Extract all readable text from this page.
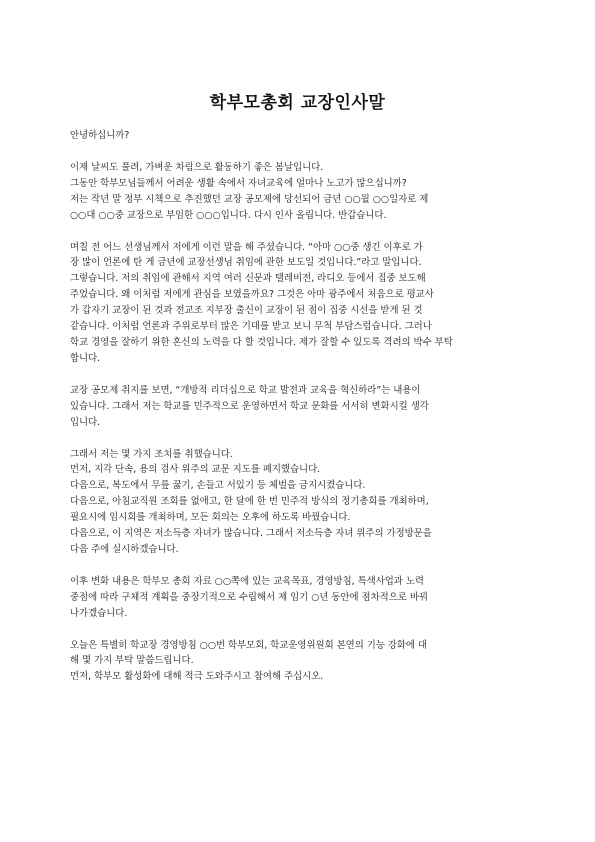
학부모총회 교장인사말
안녕하십니까?
이제 날씨도 풀려, 가벼운 차림으로 활동하기 좋은 봄날입니다.
그동안 학부모님들께서 어려운 생활 속에서 자녀교육에 얼마나 노고가 많으십니까?
저는 작년 말 정부 시책으로 추진했던 교장 공모제에 당선되어 금년 ○○월 ○○일자로 제
○○대 ○○중 교장으로 부임한 ○○○입니다. 다시 인사 올립니다. 반갑습니다.
며칠 전 어느 선생님께서 저에게 이런 말을 해 주셨습니다. “아마 ○○중 생긴 이후로 가
장 많이 언론에 탄 게 금년에 교장선생님 취임에 관한 보도일 것입니다.”라고 말입니다.
그렇습니다. 저의 취임에 관해서 지역 여러 신문과 텔레비전, 라디오 등에서 집중 보도해
주었습니다. 왜 이처럼 저에게 관심을 보였을까요? 그것은 아마 광주에서 처음으로 평교사
가 갑자기 교장이 된 것과 전교조 지부장 출신이 교장이 된 점이 집중 시선을 받게 된 것
같습니다. 이처럼 언론과 주위로부터 많은 기대를 받고 보니 무척 부담스럽습니다. 그러나
학교 경영을 잘하기 위한 혼신의 노력을 다 할 것입니다. 제가 잘할 수 있도록 격려의 박수 부탁
합니다.
교장 공모제 취지를 보면, “개방적 리더십으로 학교 발전과 교육을 혁신하라”는 내용이
있습니다. 그래서 저는 학교를 민주적으로 운영하면서 학교 문화를 서서히 변화시킬 생각
입니다.
그래서 저는 몇 가지 조치를 취했습니다.
먼저, 지각 단속, 용의 검사 위주의 교문 지도를 폐지했습니다.
다음으로, 복도에서 무릎 꿇기, 손들고 서있기 등 체벌을 금지시켰습니다.
다음으로, 아침교직원 조회를 없애고, 한 달에 한 번 민주적 방식의 정기총회를 개최하며,
필요시에 임시회를 개최하며, 모든 회의는 오후에 하도록 바꿨습니다.
다음으로, 이 지역은 저소득층 자녀가 많습니다. 그래서 저소득층 자녀 위주의 가정방문을
다음 주에 실시하겠습니다.
이후 변화 내용은 학부모 총회 자료 ○○쪽에 있는 교육목표, 경영방침, 특색사업과 노력
중점에 따라 구체적 계획을 중장기적으로 수립해서 제 임기 ○년 동안에 점차적으로 바꿔
나가겠습니다.
오늘은 특별히 학교장 경영방침 ○○번 학부모회, 학교운영위원회 본연의 기능 강화에 대
해 몇 가지 부탁 말씀드립니다.
먼저, 학부모 활성화에 대해 적극 도와주시고 참여해 주십시오.
